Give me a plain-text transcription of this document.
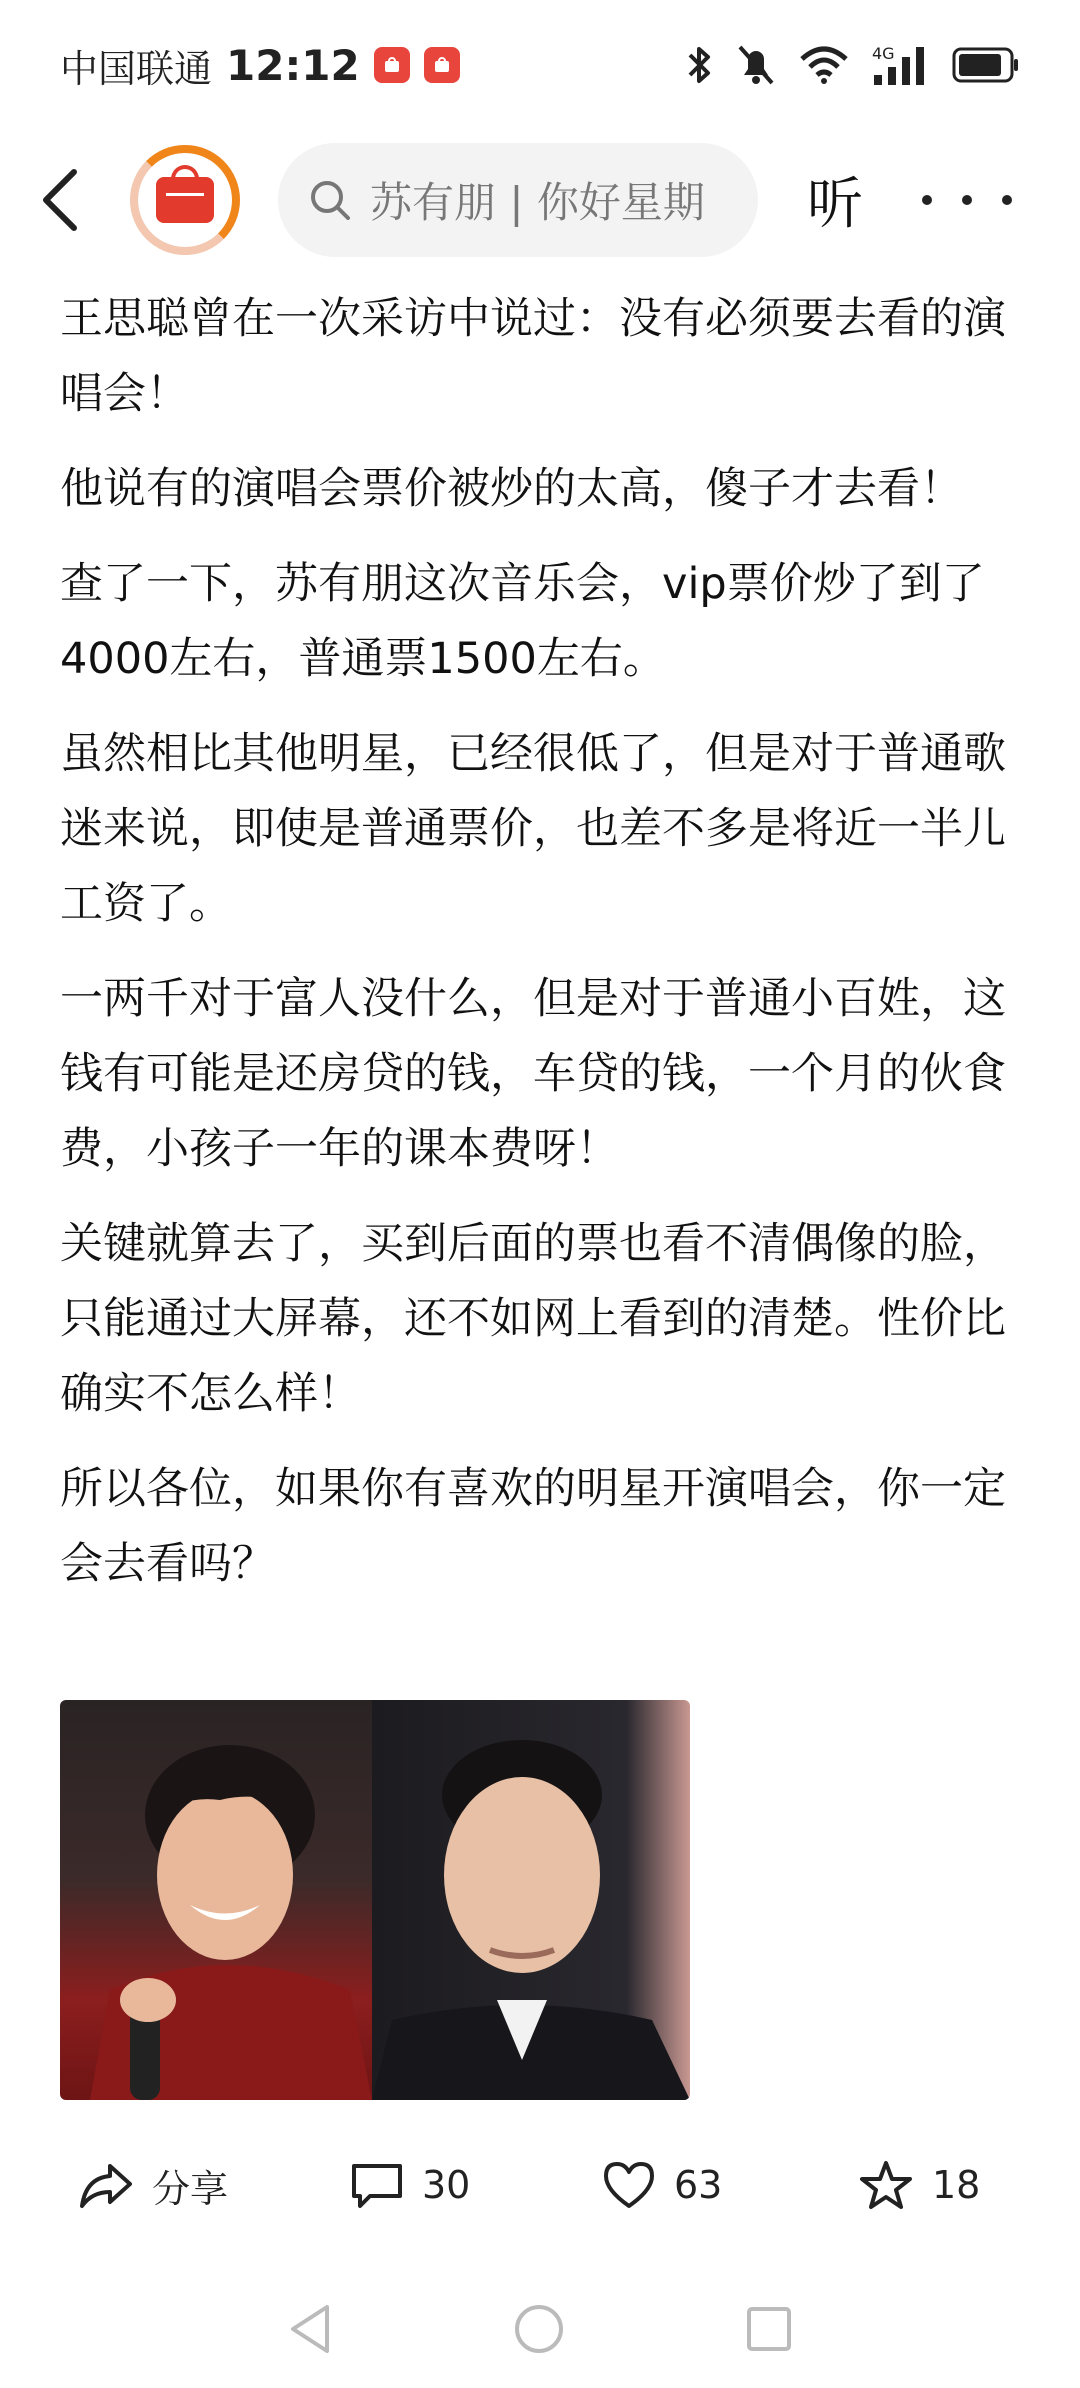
中国联通 12:12	4G
苏有朋 | 你好星期 听

王思聪曾在一次采访中说过：没有必须要去看的演唱会！

他说有的演唱会票价被炒的太高，傻子才去看！

查了一下，苏有朋这次音乐会，vip票价炒了到了4000左右，普通票1500左右。

虽然相比其他明星，已经很低了，但是对于普通歌迷来说，即使是普通票价，也差不多是将近一半儿工资了。

一两千对于富人没什么，但是对于普通小百姓，这钱有可能是还房贷的钱，车贷的钱，一个月的伙食费，小孩子一年的课本费呀！

关键就算去了，买到后面的票也看不清偶像的脸，只能通过大屏幕，还不如网上看到的清楚。性价比确实不怎么样！

所以各位，如果你有喜欢的明星开演唱会，你一定会去看吗？

分享	30	63	18
